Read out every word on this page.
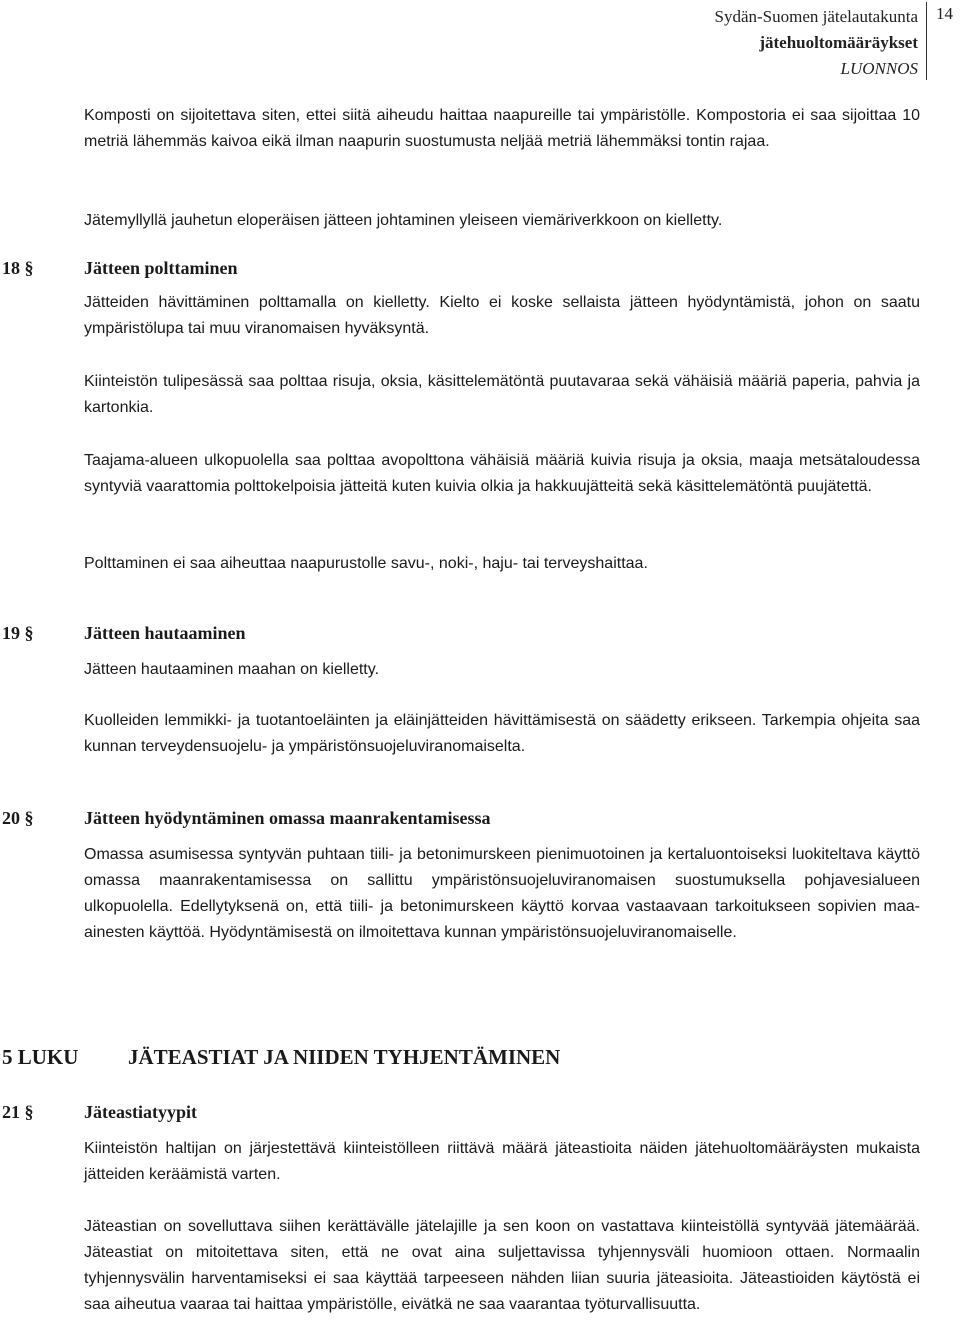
Sydän-Suomen jätelautakunta
jätehuoltomääräykset
LUONNOS
14

Komposti on sijoitettava siten, ettei siitä aiheudu haittaa naapureille tai ympäristölle. Kompostoria ei saa sijoittaa 10 metriä lähemmäs kaivoa eikä ilman naapurin suostumusta neljää metriä lähemmäksi tontin rajaa.

Jätemyllyllä jauhetun eloperäisen jätteen johtaminen yleiseen viemäriverkkoon on kielletty.

18 §	Jätteen polttaminen

Jätteiden hävittäminen polttamalla on kielletty. Kielto ei koske sellaista jätteen hyödyntämistä, johon on saatu ympäristölupa tai muu viranomaisen hyväksyntä.

Kiinteistön tulipesässä saa polttaa risuja, oksia, käsittelemätöntä puutavaraa sekä vähäisiä määriä paperia, pahvia ja kartonkia.

Taajama-alueen ulkopuolella saa polttaa avopolttona vähäisiä määriä kuivia risuja ja oksia, maaja metsätaloudessa syntyviä vaarattomia polttokelpoisia jätteitä kuten kuivia olkia ja hakkuujätteitä sekä käsittelemätöntä puujätettä.

Polttaminen ei saa aiheuttaa naapurustolle savu-, noki-, haju- tai terveyshaittaa.

19 §	Jätteen hautaaminen

Jätteen hautaaminen maahan on kielletty.

Kuolleiden lemmikki- ja tuotantoeläinten ja eläinjätteiden hävittämisestä on säädetty erikseen. Tarkempia ohjeita saa kunnan terveydensuojelu- ja ympäristönsuojeluviranomaiselta.

20 §	Jätteen hyödyntäminen omassa maanrakentamisessa

Omassa asumisessa syntyvän puhtaan tiili- ja betonimurskeen pienimuotoinen ja kertaluontoiseksi luokiteltava käyttö omassa maanrakentamisessa on sallittu ympäristönsuojeluviranomaisen suostumuksella pohjavesialueen ulkopuolella. Edellytyksenä on, että tiili- ja betonimurskeen käyttö korvaa vastaavaan tarkoitukseen sopivien maa-ainesten käyttöä. Hyödyntämisestä on ilmoitettava kunnan ympäristönsuojeluviranomaiselle.

5 LUKU JÄTEASTIAT JA NIIDEN TYHJENTÄMINEN
21 §	Jäteastiatyypit

Kiinteistön haltijan on järjestettävä kiinteistölleen riittävä määrä jäteastioita näiden jätehuoltomääräysten mukaista jätteiden keräämistä varten.

Jäteastian on sovelluttava siihen kerättävälle jätelajille ja sen koon on vastattava kiinteistöllä syntyvää jätemäärää. Jäteastiat on mitoitettava siten, että ne ovat aina suljettavissa tyhjennysväli huomioon ottaen. Normaalin tyhjennysvälin harventamiseksi ei saa käyttää tarpeeseen nähden liian suuria jäteasioita. Jäteastioiden käytöstä ei saa aiheutua vaaraa tai haittaa ympäristölle, eivätkä ne saa vaarantaa työturvallisuutta.
